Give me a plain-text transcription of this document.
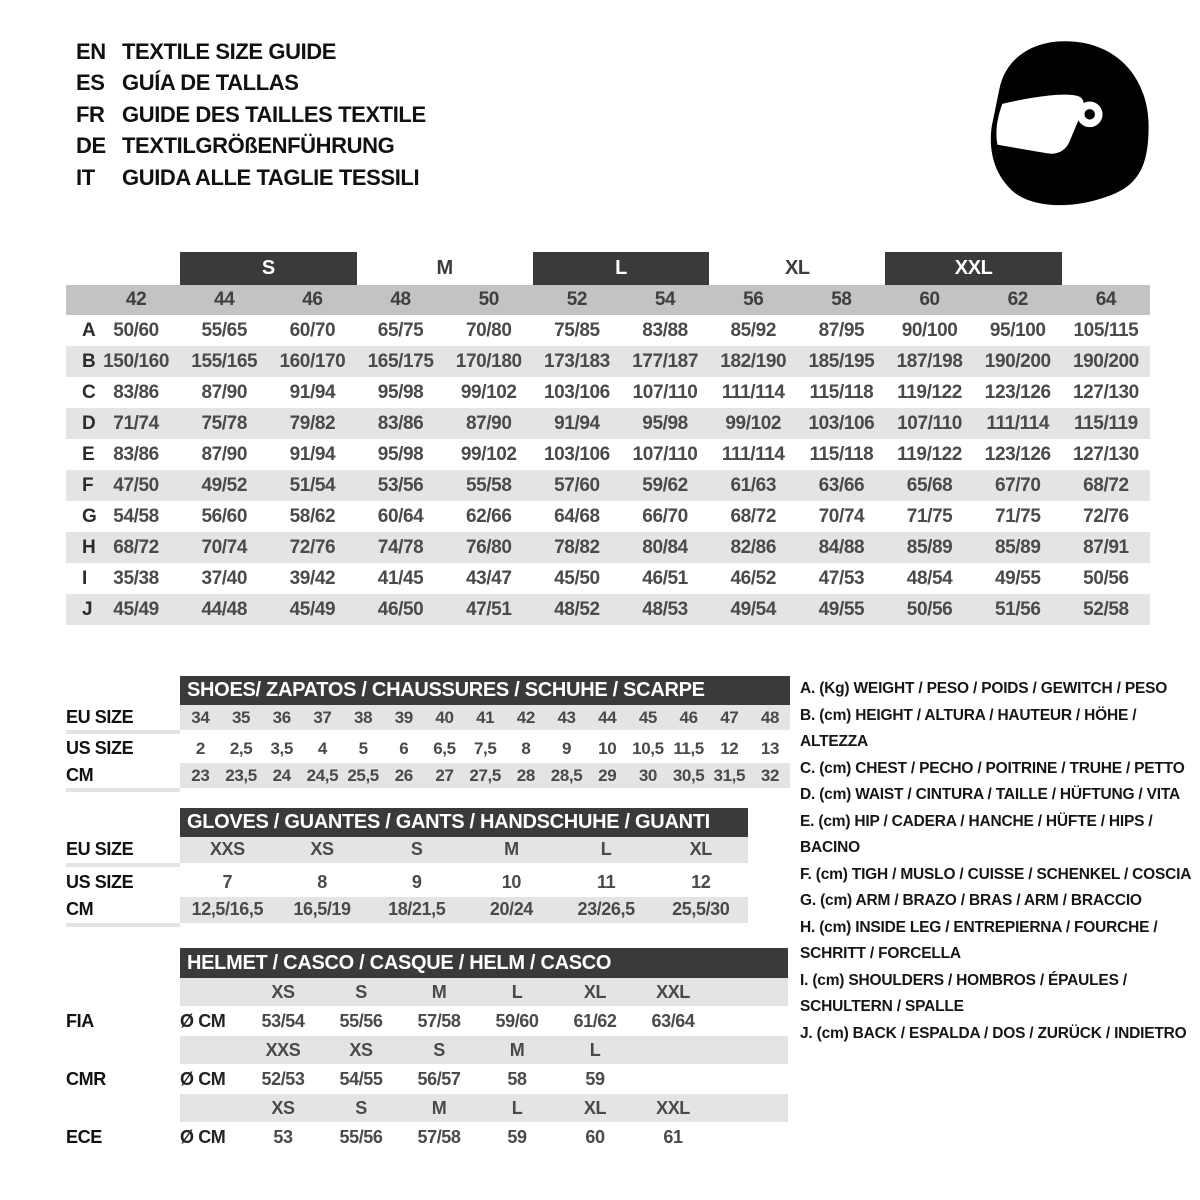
EN TEXTILE SIZE GUIDE
ES GUÍA DE TALLAS
FR GUIDE DES TAILLES TEXTILE
DE TEXTILGRÖßENFÜHRUNG
IT	GUIDA ALLE TAGLIE TESSILI
S	M	L	XL	XXL
42	44	46	48	50	52	54	56	58	60	62	64
A 50/60	55/65	60/70	65/75	70/80	75/85	83/88	85/92	87/95	90/100	95/100	105/115
B 150/160	155/165	160/170	165/175	170/180	173/183	177/187	182/190	185/195	187/198	190/200	190/200
C 83/86	87/90	91/94	95/98	99/102	103/106	107/110	111/114	115/118	119/122	123/126	127/130
D 71/74	75/78	79/82	83/86	87/90	91/94	95/98	99/102	103/106	107/110	111/114	115/119
E	83/86	87/90	91/94	95/98	99/102	103/106	107/110	111/114	115/118	119/122	123/126	127/130
F	47/50	49/52	51/54	53/56	55/58	57/60	59/62	61/63	63/66	65/68	67/70	68/72
G 54/58	56/60	58/62	60/64	62/66	64/68	66/70	68/72	70/74	71/75	71/75	72/76
H 68/72	70/74	72/76	74/78	76/80	78/82	80/84	82/86	84/88	85/89	85/89	87/91
I	35/38	37/40	39/42	41/45	43/47	45/50	46/51	46/52	47/53	48/54	49/55	50/56
J	45/49	44/48	45/49	46/50	47/51	48/52	48/53	49/54	49/55	50/56	51/56	52/58
SHOES/ ZAPATOS / CHAUSSURES / SCHUHE / SCARPE
EU SIZE	34	35	36	37	38	39	40	41	42	43	44	45	46	47	48
US SIZE	2	2,5	3,5	4	5	6	6,5	7,5	8	9	10 10,5 11,5 12	13
CM	23 23,5 24 24,5 25,5 26	27 27,5 28 28,5 29	30 30,5 31,5 32
GLOVES / GUANTES / GANTS / HANDSCHUHE / GUANTI
EU SIZE	XXS	XS	S	M	L	XL
US SIZE	7	8	9	10	11	12
CM	12,5/16,5	16,5/19	18/21,5	20/24	23/26,5	25,5/30
HELMET / CASCO / CASQUE / HELM / CASCO
XS	S	M	L	XL	XXL
FIA	Ø CM	53/54	55/56	57/58	59/60	61/62	63/64
XXS	XS	S	M	L
CMR	Ø CM	52/53	54/55	56/57	58	59
XS	S	M	L	XL	XXL
ECE	Ø CM	53	55/56	57/58	59	60	61
A. (Kg) WEIGHT / PESO / POIDS / GEWITCH / PESO
B. (cm) HEIGHT / ALTURA / HAUTEUR / HÖHE / ALTEZZA
C. (cm) CHEST / PECHO / POITRINE / TRUHE / PETTO
D. (cm) WAIST / CINTURA / TAILLE / HÜFTUNG / VITA
E. (cm) HIP / CADERA / HANCHE / HÜFTE / HIPS / BACINO
F. (cm) TIGH / MUSLO / CUISSE / SCHENKEL / COSCIA
G. (cm) ARM / BRAZO / BRAS / ARM / BRACCIO
H. (cm) INSIDE LEG / ENTREPIERNA / FOURCHE / SCHRITT / FORCELLA
I. (cm) SHOULDERS / HOMBROS / ÉPAULES / SCHULTERN / SPALLE
J. (cm) BACK / ESPALDA / DOS / ZURÜCK / INDIETRO
